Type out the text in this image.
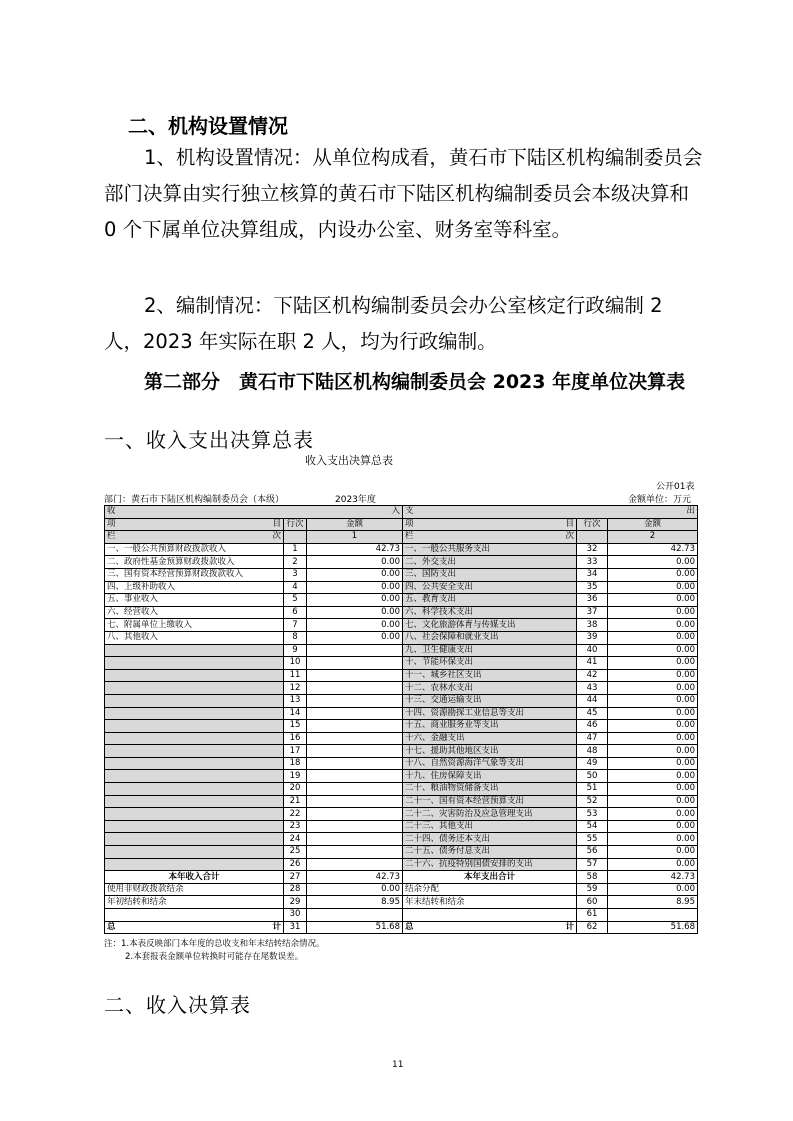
二、机构设置情况
1、机构设置情况：从单位构成看，黄石市下陆区机构编制委员会部门决算由实行独立核算的黄石市下陆区机构编制委员会本级决算和 0 个下属单位决算组成，内设办公室、财务室等科室。
2、编制情况：下陆区机构编制委员会办公室核定行政编制 2 人，2023 年实际在职 2 人，均为行政编制。
第二部分　黄石市下陆区机构编制委员会 2023 年度单位决算表
一、收入支出决算总表
收入支出决算总表
公开01表
部门：黄石市下陆区机构编制委员会（本级）	2023年度	金额单位：万元
收 入			支 出		

项 目	行次	金额	项 目	行次	金额

栏 次		1	栏 次		2
一、一般公共预算财政拨款收入	1	42.73	一、一般公共服务支出	32	42.73
二、政府性基金预算财政拨款收入	2	0.00	二、外交支出	33	0.00
三、国有资本经营预算财政拨款收入	3	0.00	三、国防支出	34	0.00
四、上级补助收入	4	0.00	四、公共安全支出	35	0.00
五、事业收入	5	0.00	五、教育支出	36	0.00
六、经营收入	6	0.00	六、科学技术支出	37	0.00
七、附属单位上缴收入	7	0.00	七、文化旅游体育与传媒支出	38	0.00
八、其他收入	8	0.00	八、社会保障和就业支出	39	0.00
	9		九、卫生健康支出	40	0.00
	10		十、节能环保支出	41	0.00
	11		十一、城乡社区支出	42	0.00
	12		十二、农林水支出	43	0.00
	13		十三、交通运输支出	44	0.00
	14		十四、资源勘探工业信息等支出	45	0.00
	15		十五、商业服务业等支出	46	0.00
	16		十六、金融支出	47	0.00
	17		十七、援助其他地区支出	48	0.00
	18		十八、自然资源海洋气象等支出	49	0.00
	19		十九、住房保障支出	50	0.00
	20		二十、粮油物资储备支出	51	0.00
	21		二十一、国有资本经营预算支出	52	0.00
	22		二十二、灾害防治及应急管理支出	53	0.00
	23		二十三、其他支出	54	0.00
	24		二十四、债务还本支出	55	0.00
	25		二十五、债务付息支出	56	0.00
	26		二十六、抗疫特别国债安排的支出	57	0.00
本年收入合计	27	42.73	本年支出合计	58	42.73
使用非财政拨款结余	28	0.00	结余分配	59	0.00
年初结转和结余	29	8.95	年末结转和结余	60	8.95
	30			61	

总 计	31	51.68	总 计	62	51.68
注：1.本表反映部门本年度的总收支和年末结转结余情况。
2.本套报表金额单位转换时可能存在尾数误差。
二、收入决算表
11
